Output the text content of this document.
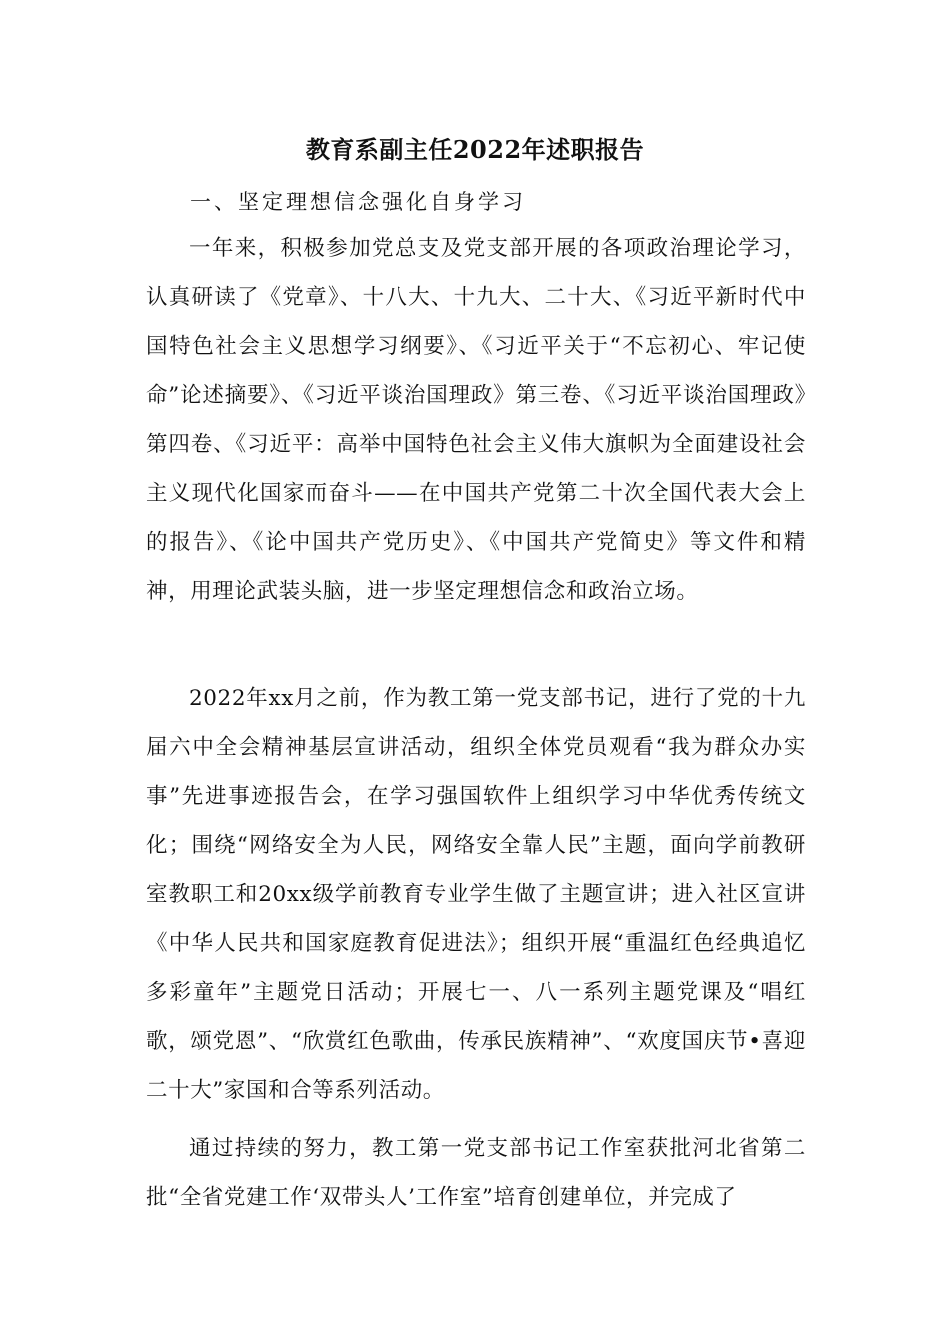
教育系副主任2022年述职报告
一、坚定理想信念强化自身学习
一年来，积极参加党总支及党支部开展的各项政治理论学习，认真研读了《党章》、十八大、十九大、二十大、《习近平新时代中国特色社会主义思想学习纲要》、《习近平关于“不忘初心、牢记使命”论述摘要》、《习近平谈治国理政》第三卷、《习近平谈治国理政》第四卷、《习近平：高举中国特色社会主义伟大旗帜为全面建设社会主义现代化国家而奋斗——在中国共产党第二十次全国代表大会上的报告》、《论中国共产党历史》、《中国共产党简史》等文件和精神，用理论武装头脑，进一步坚定理想信念和政治立场。
2022年xx月之前，作为教工第一党支部书记，进行了党的十九届六中全会精神基层宣讲活动，组织全体党员观看“我为群众办实事”先进事迹报告会，在学习强国软件上组织学习中华优秀传统文化；围绕“网络安全为人民，网络安全靠人民”主题，面向学前教研室教职工和20xx级学前教育专业学生做了主题宣讲；进入社区宣讲《中华人民共和国家庭教育促进法》；组织开展“重温红色经典追忆多彩童年”主题党日活动；开展七一、八一系列主题党课及“唱红歌，颂党恩”、“欣赏红色歌曲，传承民族精神”、“欢度国庆节•喜迎二十大”家国和合等系列活动。
通过持续的努力，教工第一党支部书记工作室获批河北省第二批“全省党建工作‘双带头人’工作室”培育创建单位，并完成了
